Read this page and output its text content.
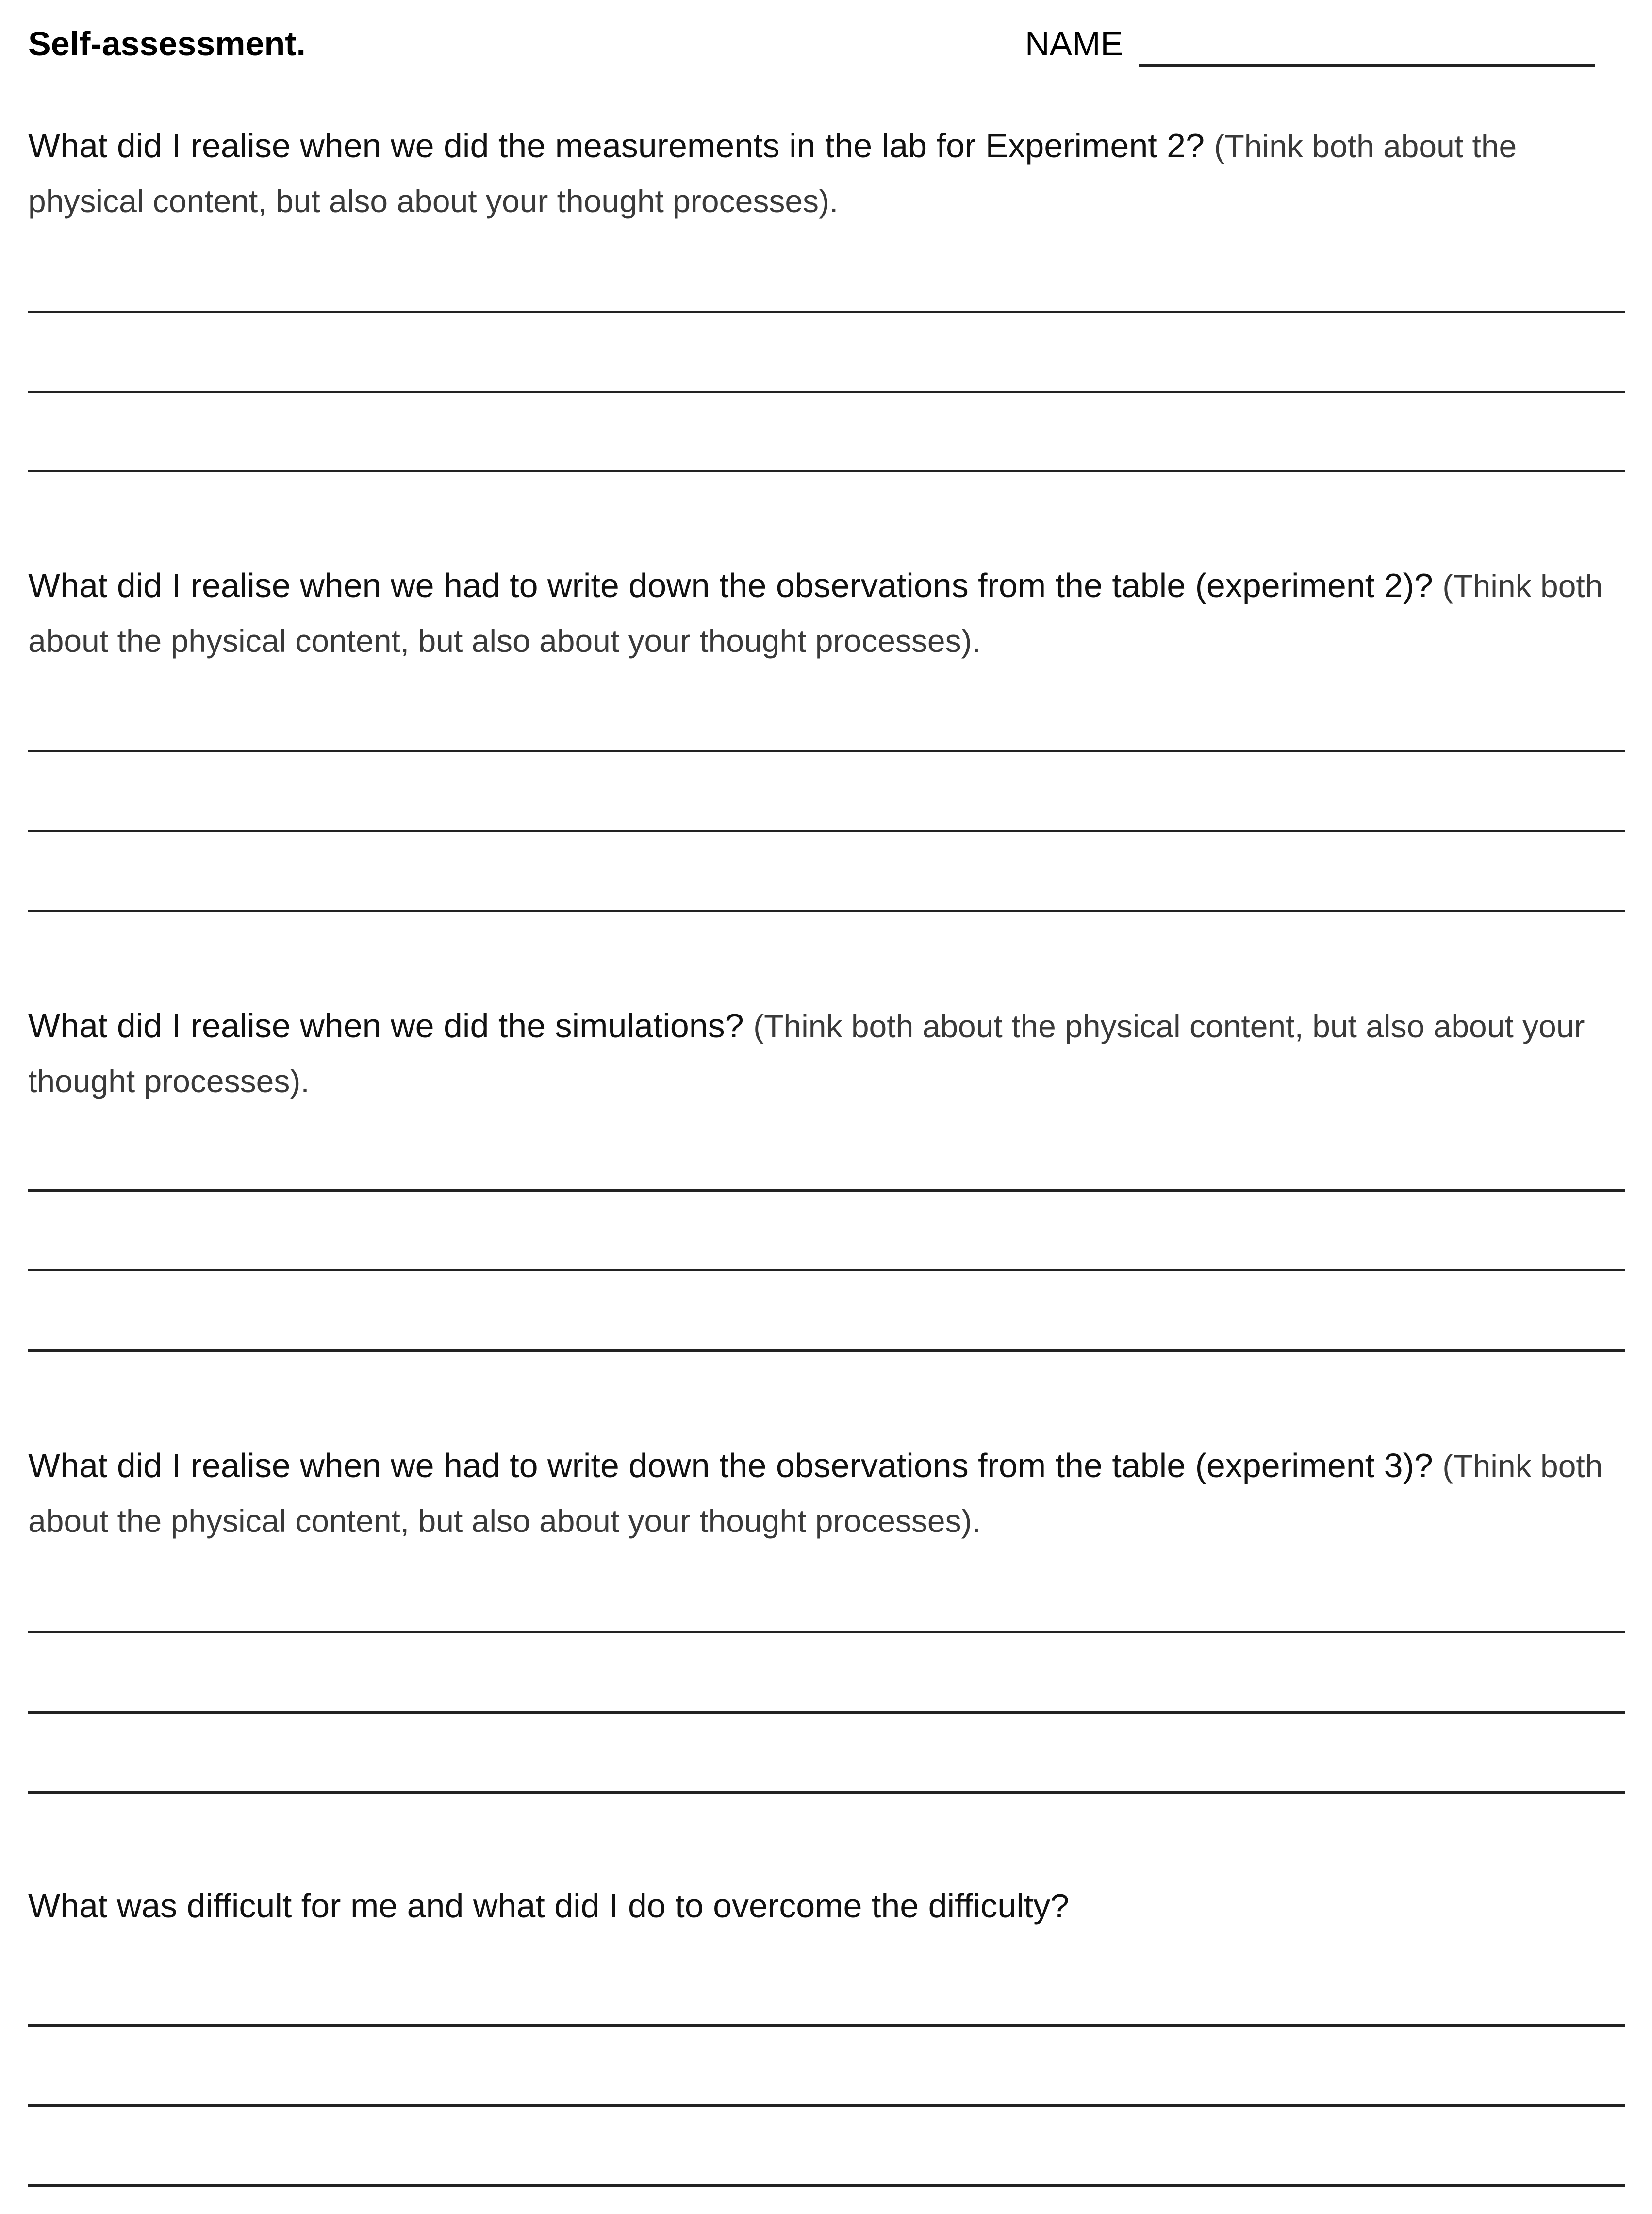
Self-assessment.	NAME
What did I realise when we did the measurements in the lab for Experiment 2? (Think both about the physical content, but also about your thought processes).
What did I realise when we had to write down the observations from the table (experiment 2)? (Think both about the physical content, but also about your thought processes).
What did I realise when we did the simulations? (Think both about the physical content, but also about your thought processes).
What did I realise when we had to write down the observations from the table (experiment 3)? (Think both about the physical content, but also about your thought processes).
What was difficult for me and what did I do to overcome the difficulty?
